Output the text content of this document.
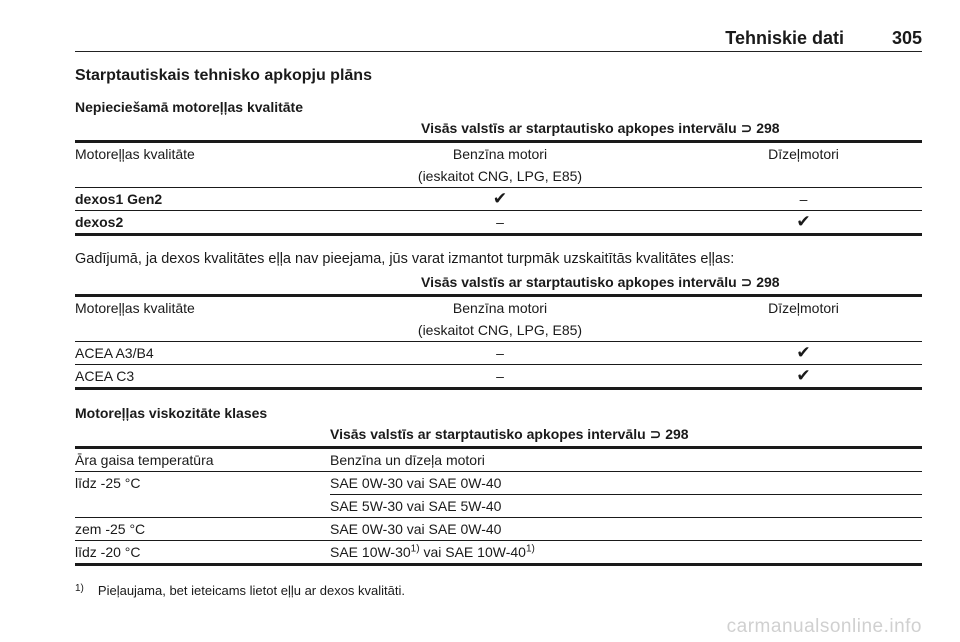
Tehniskie dati	305
Starptautiskais tehnisko apkopju plāns
Nepieciešamā motoreļļas kvalitāte
	Visās valstīs ar starptautisko apkopes intervālu ⊃ 298	
Motoreļļas kvalitāte	Benzīna motori	Dīzeļmotori
	(ieskaitot CNG, LPG, E85)	
dexos1 Gen2	✔	–
dexos2	–	✔
Gadījumā, ja dexos kvalitātes eļļa nav pieejama, jūs varat izmantot turpmāk uzskaitītās kvalitātes eļļas:
	Visās valstīs ar starptautisko apkopes intervālu ⊃ 298	
Motoreļļas kvalitāte	Benzīna motori	Dīzeļmotori
	(ieskaitot CNG, LPG, E85)	
ACEA A3/B4	–	✔
ACEA C3	–	✔
Motoreļļas viskozitāte klases
	Visās valstīs ar starptautisko apkopes intervālu ⊃ 298
Āra gaisa temperatūra	Benzīna un dīzeļa motori
līdz -25 °C	SAE 0W-30 vai SAE 0W-40
	SAE 5W-30 vai SAE 5W-40
zem -25 °C	SAE 0W-30 vai SAE 0W-40
līdz -20 °C	SAE 10W-30$^{1)}$ vai SAE 10W-40$^{1)}$
$^{1)}$ Pieļaujama, bet ieteicams lietot eļļu ar dexos kvalitāti.
carmanualsonline.info
